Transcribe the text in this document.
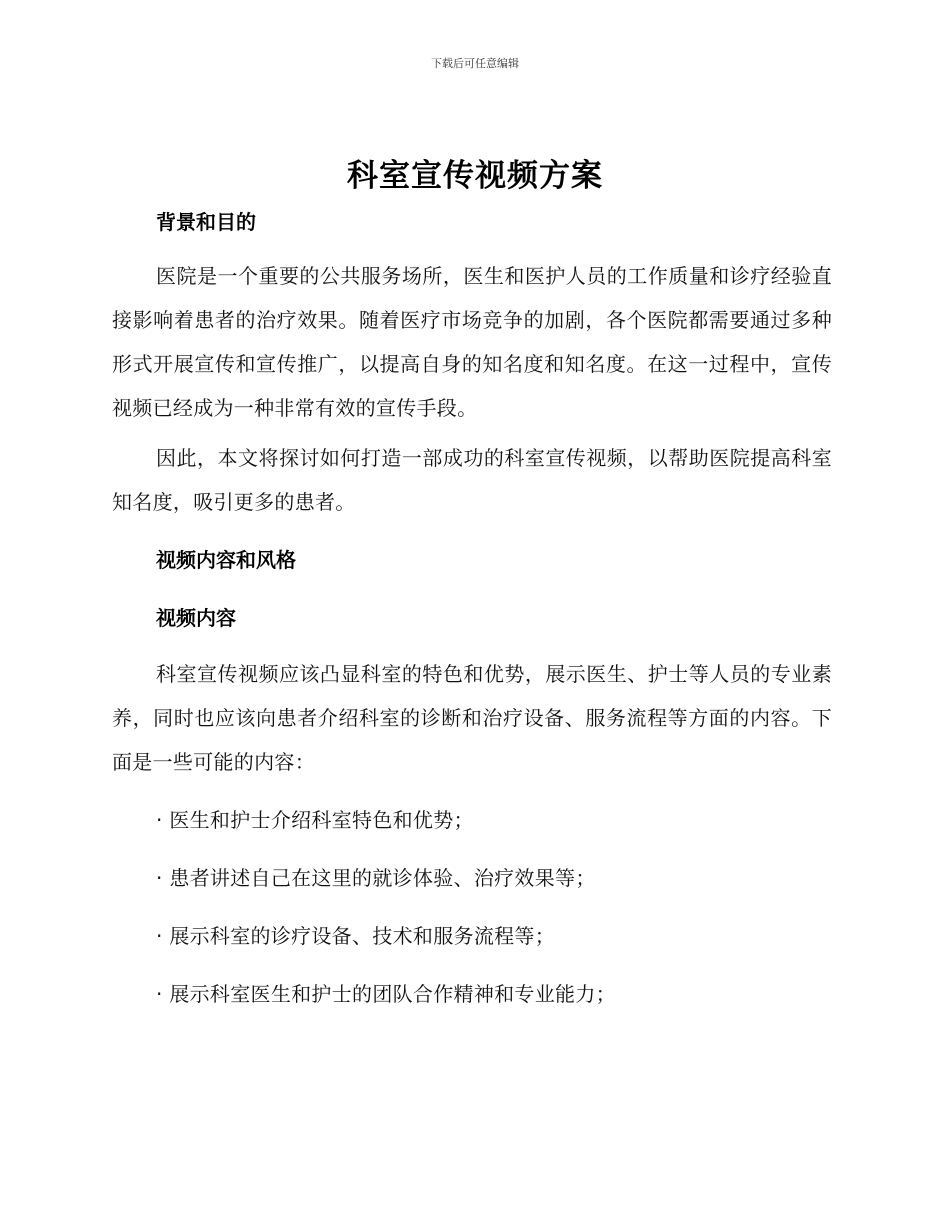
下载后可任意编辑
科室宣传视频方案
背景和目的

医院是一个重要的公共服务场所，医生和医护人员的工作质量和诊疗经验直接影响着患者的治疗效果。随着医疗市场竞争的加剧，各个医院都需要通过多种形式开展宣传和宣传推广，以提高自身的知名度和知名度。在这一过程中，宣传视频已经成为一种非常有效的宣传手段。

因此，本文将探讨如何打造一部成功的科室宣传视频，以帮助医院提高科室知名度，吸引更多的患者。

视频内容和风格
视频内容

科室宣传视频应该凸显科室的特色和优势，展示医生、护士等人员的专业素养，同时也应该向患者介绍科室的诊断和治疗设备、服务流程等方面的内容。下面是一些可能的内容：

· 医生和护士介绍科室特色和优势；

· 患者讲述自己在这里的就诊体验、治疗效果等；

· 展示科室的诊疗设备、技术和服务流程等；

· 展示科室医生和护士的团队合作精神和专业能力；
